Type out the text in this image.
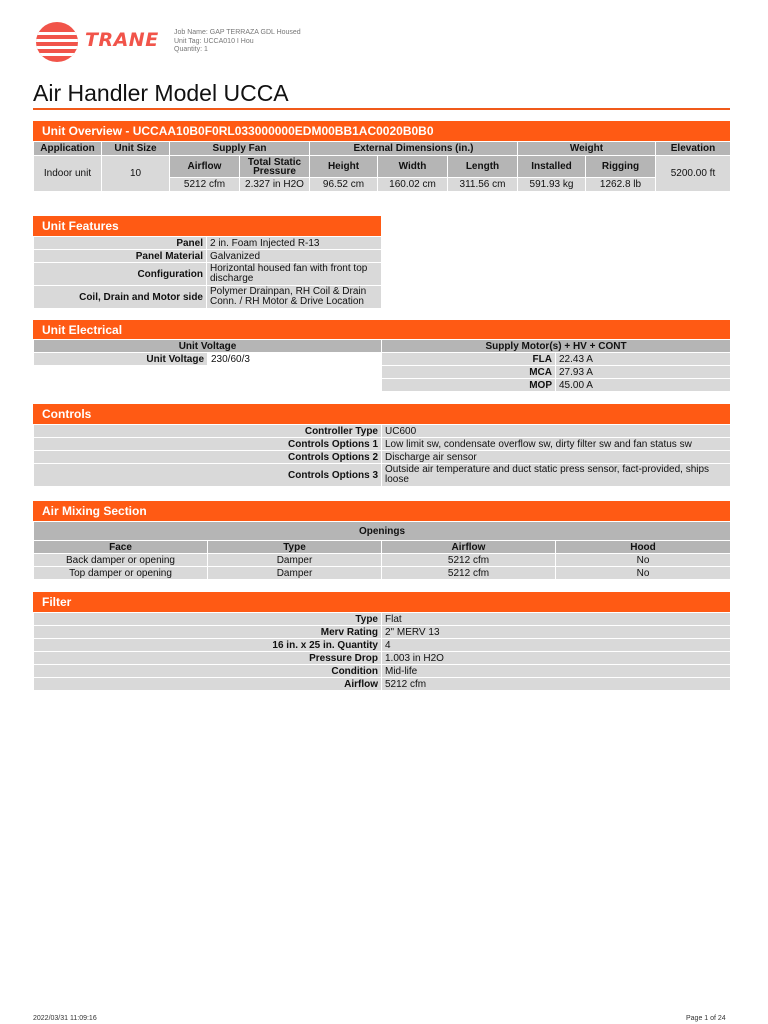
TRANE Job Name: GAP TERRAZA GDL Housed
Unit Tag: UCCA010 I Hou
Quantity: 1
Air Handler Model UCCA
Unit Overview - UCCAA10B0F0RL033000000EDM00BB1AC0020B0B0
Application	Unit Size	Supply Fan		External Dimensions (in.)			Weight		Elevation
Indoor unit	10	Airflow	Total Static Pressure	Height	Width	Length	Installed	Rigging	5200.00 ft
		5212 cfm	2.327 in H2O	96.52 cm	160.02 cm	311.56 cm	591.93 kg	1262.8 lb	
Unit Features
Panel	2 in. Foam Injected R-13
Panel Material	Galvanized
Configuration	Horizontal housed fan with front top discharge
Coil, Drain and Motor side	Polymer Drainpan, RH Coil & Drain Conn. / RH Motor & Drive Location
Unit Electrical
Unit Voltage		Supply Motor(s) + HV + CONT	
Unit Voltage	230/60/3	FLA	22.43 A
		MCA	27.93 A
		MOP	45.00 A
Controls
Controller Type	UC600
Controls Options 1	Low limit sw, condensate overflow sw, dirty filter sw and fan status sw
Controls Options 2	Discharge air sensor
Controls Options 3	Outside air temperature and duct static press sensor, fact-provided, ships loose
Air Mixing Section
Openings			
Face	Type	Airflow	Hood
Back damper or opening	Damper	5212 cfm	No
Top damper or opening	Damper	5212 cfm	No
Filter
Type	Flat
Merv Rating	2" MERV 13
16 in. x 25 in. Quantity	4
Pressure Drop	1.003 in H2O
Condition	Mid-life
Airflow	5212 cfm
2022/03/31 11:09:16	Page 1 of 24
